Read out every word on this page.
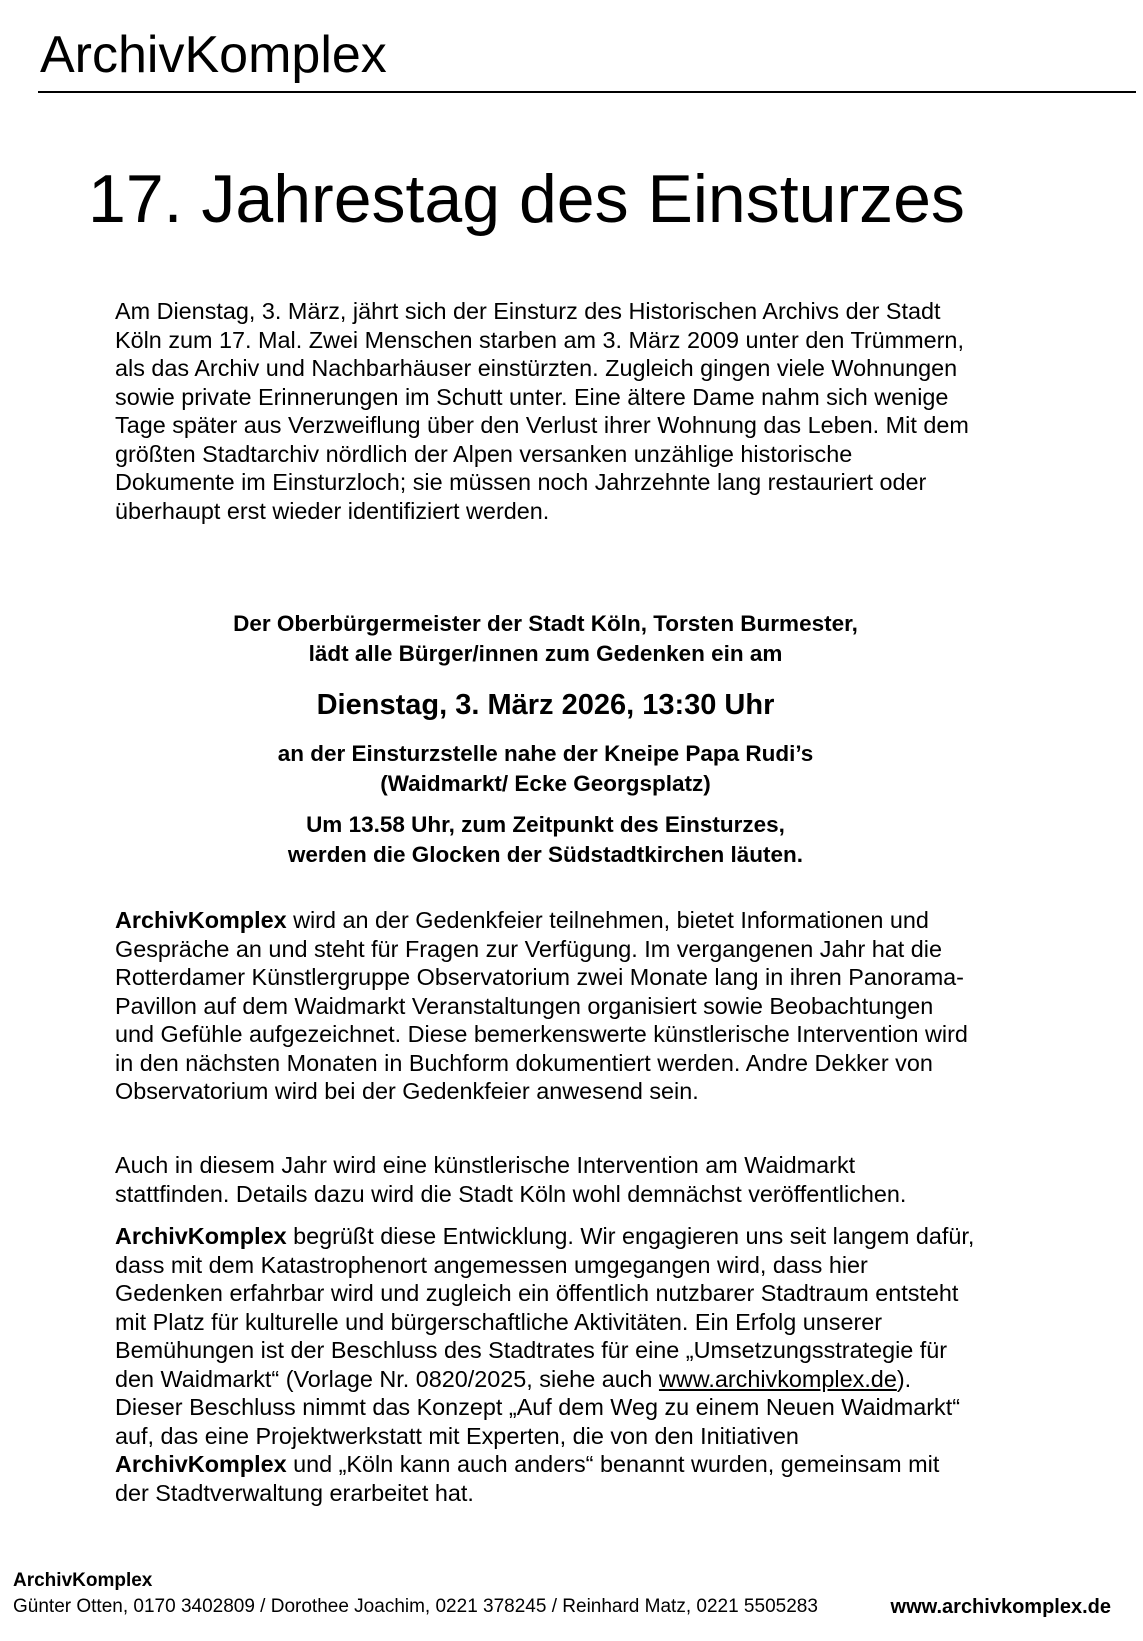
ArchivKomplex
17. Jahrestag des Einsturzes

Am Dienstag, 3. März, jährt sich der Einsturz des Historischen Archivs der Stadt Köln zum 17. Mal. Zwei Menschen starben am 3. März 2009 unter den Trümmern, als das Archiv und Nachbarhäuser einstürzten. Zugleich gingen viele Wohnungen sowie private Erinnerungen im Schutt unter. Eine ältere Dame nahm sich wenige Tage später aus Verzweiflung über den Verlust ihrer Wohnung das Leben. Mit dem größten Stadtarchiv nördlich der Alpen versanken unzählige historische Dokumente im Einsturzloch; sie müssen noch Jahrzehnte lang restauriert oder überhaupt erst wieder identifiziert werden.

Der Oberbürgermeister der Stadt Köln, Torsten Burmester,
lädt alle Bürger/innen zum Gedenken ein am
Dienstag, 3. März 2026, 13:30 Uhr
an der Einsturzstelle nahe der Kneipe Papa Rudi’s
(Waidmarkt/ Ecke Georgsplatz)
Um 13.58 Uhr, zum Zeitpunkt des Einsturzes,
werden die Glocken der Südstadtkirchen läuten.

ArchivKomplex wird an der Gedenkfeier teilnehmen, bietet Informationen und Gespräche an und steht für Fragen zur Verfügung. Im vergangenen Jahr hat die Rotterdamer Künstlergruppe Observatorium zwei Monate lang in ihren Panorama-Pavillon auf dem Waidmarkt Veranstaltungen organisiert sowie Beobachtungen und Gefühle aufgezeichnet. Diese bemerkenswerte künstlerische Intervention wird in den nächsten Monaten in Buchform dokumentiert werden. Andre Dekker von Observatorium wird bei der Gedenkfeier anwesend sein.

Auch in diesem Jahr wird eine künstlerische Intervention am Waidmarkt stattfinden. Details dazu wird die Stadt Köln wohl demnächst veröffentlichen.

ArchivKomplex begrüßt diese Entwicklung. Wir engagieren uns seit langem dafür, dass mit dem Katastrophenort angemessen umgegangen wird, dass hier Gedenken erfahrbar wird und zugleich ein öffentlich nutzbarer Stadtraum entsteht mit Platz für kulturelle und bürgerschaftliche Aktivitäten. Ein Erfolg unserer Bemühungen ist der Beschluss des Stadtrates für eine „Umsetzungsstrategie für den Waidmarkt“ (Vorlage Nr. 0820/2025, siehe auch www.archivkomplex.de). Dieser Beschluss nimmt das Konzept „Auf dem Weg zu einem Neuen Waidmarkt“ auf, das eine Projektwerkstatt mit Experten, die von den Initiativen ArchivKomplex und „Köln kann auch anders“ benannt wurden, gemeinsam mit der Stadtverwaltung erarbeitet hat.

ArchivKomplex
Günter Otten, 0170 3402809 / Dorothee Joachim, 0221 378245 / Reinhard Matz, 0221 5505283	www.archivkomplex.de
